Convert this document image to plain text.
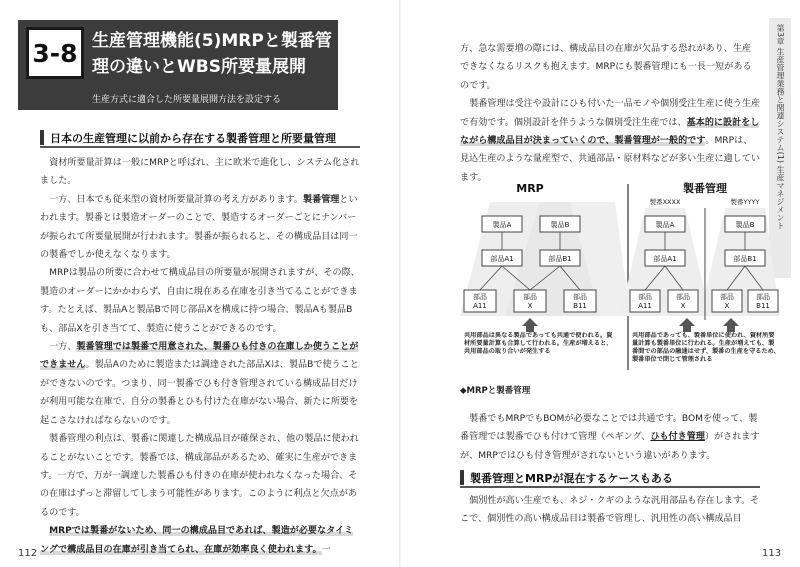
3-8 生産管理機能(5)MRPと製番管理の違いとWBS所要量展開
生産方式に適合した所要量展開方法を設定する
日本の生産管理に以前から存在する製番管理と所要量管理

資材所要量計算は一般にMRPと呼ばれ、主に欧米で進化し、システム化されました。

一方、日本でも従来型の資材所要量計算の考え方があります。製番管理といわれます。製番とは製造オーダーのことで、製造するオーダーごとにナンバーが振られて所要量展開が行われます。製番が振られると、その構成品目は同一の製番でしか使えなくなります。

MRPは製品の所要に合わせて構成品目の所要量が展開されますが、その際、製造のオーダーにかかわらず、自由に現在ある在庫を引き当てることができます。たとえば、製品Aと製品Bで同じ部品Xを構成に持つ場合、製品Aも製品Bも、部品Xを引き当てて、製造に使うことができるのです。

一方、製番管理では製番で用意された、製番ひも付きの在庫しか使うことができません。製品Aのために製造または調達された部品Xは、製品Bで使うことができないのです。つまり、同一製番でひも付き管理されている構成品目だけが利用可能な在庫で、自分の製番とひも付けた在庫がない場合、新たに所要を起こさなければならないのです。

製番管理の利点は、製番に関連した構成品目が確保され、他の製品に使われることがないことです。製番では、構成部品があるため、確実に生産ができます。一方で、万が一調達した製番ひも付きの在庫が使われなくなった場合、その在庫はずっと滞留してしまう可能性があります。このように利点と欠点があるのです。

MRPでは製番がないため、同一の構成品目であれば、製造が必要なタイミングで構成品目の在庫が引き当てられ、在庫が効率良く使われます。一

112
第3章 生産管理業務と関連システム(1) 生産マネジメント

方、急な需要増の際には、構成品目の在庫が欠品する恐れがあり、生産できなくなるリスクも抱えます。MRPにも製番管理にも一長一短があるのです。

製番管理は受注や設計にひも付いた一品モノや個別受注生産に使う生産で有効です。個別設計を伴うような個別受注生産では、基本的に設計をしながら構成品目が決まっていくので、製番管理が一般的です。MRPは、見込生産のような量産型で、共通部品・原材料などが多い生産に適しています。

MRP
製品A	製品B
部品A1	部品B1
部品 A11
部品 X
部品 B11
共用部品は異なる製品であっても共通で使われる。資材所要量計算も合算して行われる。生産が増えると、共用部品の取り合いが発生する
製番管理
製番XXXX	製番YYYY
製品A	製品B
部品A1	部品B1
部品 A11
部品 X
部品 X
部品 B11
共用部品であっても、製番単位に使われ、資材所要量計算も製番単位に行われる。生産が増えても、製番間での部品の融通はせず、製番の生産を守るため、製番単位で閉じて管理される
◆MRPと製番管理

製番でもMRPでもBOMが必要なことでは共通です。BOMを使って、製番管理では製番でひも付けて管理（ペギング、ひも付き管理）がされますが、MRPではひも付き管理がされないという違いがあります。

製番管理とMRPが混在するケースもある

個別性が高い生産でも、ネジ・クギのような汎用部品も存在します。そこで、個別性の高い構成品目は製番で管理し、汎用性の高い構成品目

113
